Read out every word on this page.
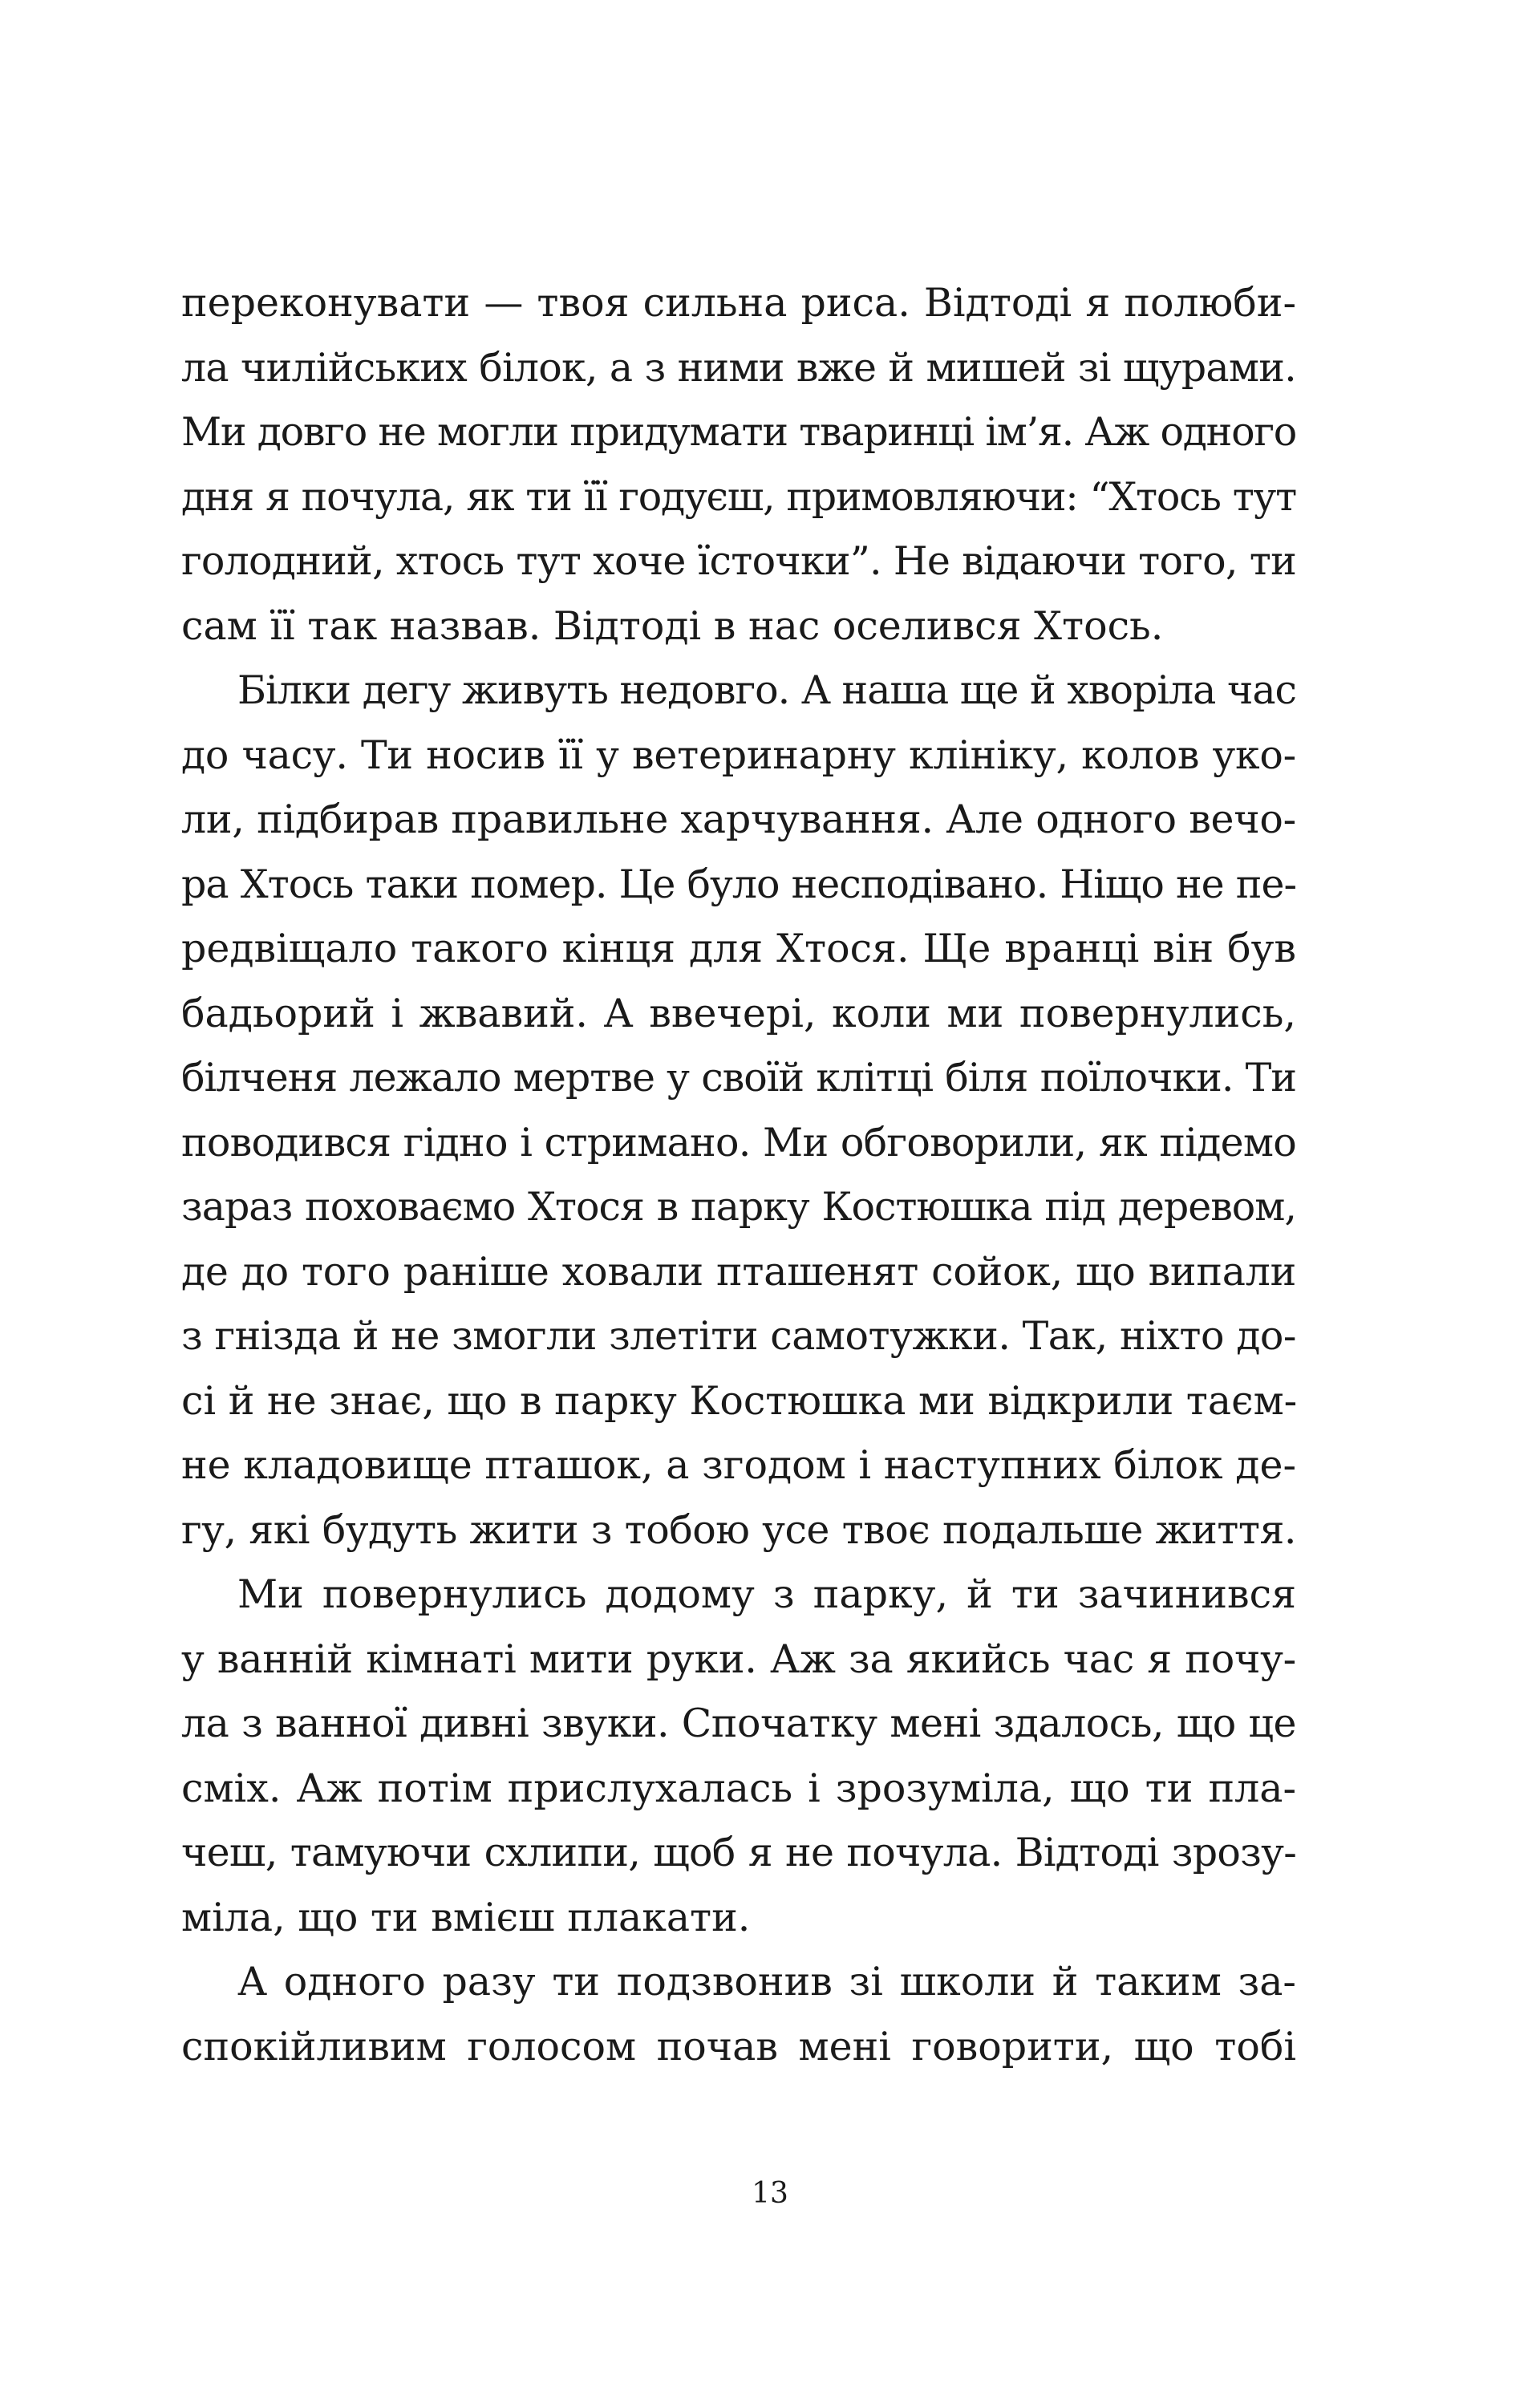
переконувати — твоя сильна риса. Відтоді я полюби-
ла чилійських білок, а з ними вже й мишей зі щурами.
Ми довго не могли придумати тваринці ім’я. Аж одного
дня я почула, як ти її годуєш, примовляючи: “Хтось тут
голодний, хтось тут хоче їсточки”. Не відаючи того, ти
сам її так назвав. Відтоді в нас оселився Хтось.
Білки дегу живуть недовго. А наша ще й хворіла час
до часу. Ти носив її у ветеринарну клініку, колов уко-
ли, підбирав правильне харчування. Але одного вечо-
ра Хтось таки помер. Це було несподівано. Ніщо не пе-
редвіщало такого кінця для Хтося. Ще вранці він був
бадьорий і жвавий. А ввечері, коли ми повернулись,
білченя лежало мертве у своїй клітці біля поїлочки. Ти
поводився гідно і стримано. Ми обговорили, як підемо
зараз поховаємо Хтося в парку Костюшка під деревом,
де до того раніше ховали пташенят сойок, що випали
з гнізда й не змогли злетіти самотужки. Так, ніхто до-
сі й не знає, що в парку Костюшка ми відкрили таєм-
не кладовище пташок, а згодом і наступних білок де-
гу, які будуть жити з тобою усе твоє подальше життя.
Ми повернулись додому з парку, й ти зачинився
у ванній кімнаті мити руки. Аж за якийсь час я почу-
ла з ванної дивні звуки. Спочатку мені здалось, що це
сміх. Аж потім прислухалась і зрозуміла, що ти пла-
чеш, тамуючи схлипи, щоб я не почула. Відтоді зрозу-
міла, що ти вмієш плакати.
А одного разу ти подзвонив зі школи й таким за-
спокійливим голосом почав мені говорити, що тобі
13
